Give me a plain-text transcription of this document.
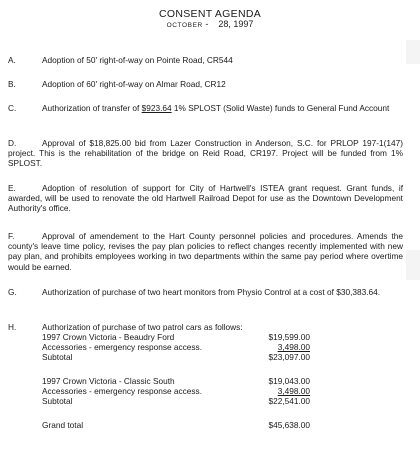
CONSENT AGENDA
OCTOBER -    28, 1997
A.	Adoption of 50' right-of-way on Pointe Road, CR544
B.	Adoption of 60' right-of-way on Almar Road, CR12
C.	Authorization of transfer of $923.64 1% SPLOST (Solid Waste) funds to General Fund Account
D.	Approval of $18,825.00 bid from Lazer Construction in Anderson, S.C. for PRLOP 197-1(147) project. This is the rehabilitation of the bridge on Reid Road, CR197. Project will be funded from 1% SPLOST.
E.	Adoption of resolution of support for City of Hartwell's ISTEA grant request. Grant funds, if awarded, will be used to renovate the old Hartwell Railroad Depot for use as the Downtown Development Authority's office.
F.	Approval of amendement to the Hart County personnel policies and procedures. Amends the county's leave time policy, revises the pay plan policies to reflect changes recently implemented with new pay plan, and prohibits employees working in two departments within the same pay period where overtime would be earned.
G.	Authorization of purchase of two heart monitors from Physio Control at a cost of $30,383.64.
H.	Authorization of purchase of two patrol cars as follows:
1997 Crown Victoria - Beaudry Ford	$19,599.00
Accessories - emergency response access.	3,498.00
Subtotal	$23,097.00
1997 Crown Victoria - Classic South	$19,043.00
Accessories - emergency response access.	3,498.00
Subtotal	$22,541.00
Grand total	$45,638.00
